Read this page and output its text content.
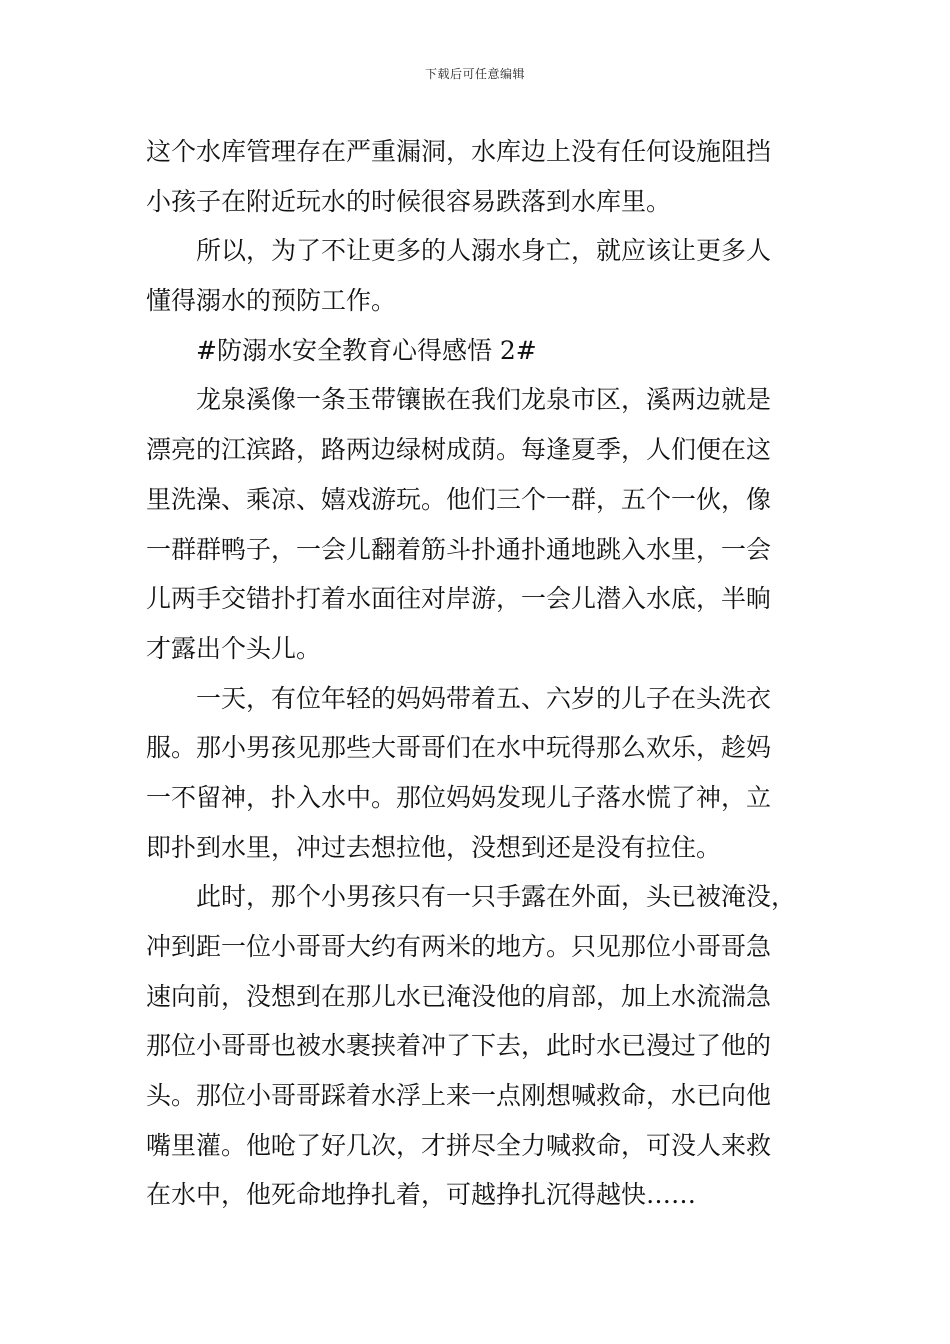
下载后可任意编辑
这个水库管理存在严重漏洞，水库边上没有任何设施阻挡
小孩子在附近玩水的时候很容易跌落到水库里。
所以，为了不让更多的人溺水身亡，就应该让更多人
懂得溺水的预防工作。
#防溺水安全教育心得感悟 2#
龙泉溪像一条玉带镶嵌在我们龙泉市区，溪两边就是
漂亮的江滨路，路两边绿树成荫。每逢夏季，人们便在这
里洗澡、乘凉、嬉戏游玩。他们三个一群，五个一伙，像
一群群鸭子，一会儿翻着筋斗扑通扑通地跳入水里，一会
儿两手交错扑打着水面往对岸游，一会儿潜入水底，半晌
才露出个头儿。
一天，有位年轻的妈妈带着五、六岁的儿子在头洗衣
服。那小男孩见那些大哥哥们在水中玩得那么欢乐，趁妈
一不留神，扑入水中。那位妈妈发现儿子落水慌了神，立
即扑到水里，冲过去想拉他，没想到还是没有拉住。
此时，那个小男孩只有一只手露在外面，头已被淹没，
冲到距一位小哥哥大约有两米的地方。只见那位小哥哥急
速向前，没想到在那儿水已淹没他的肩部，加上水流湍急
那位小哥哥也被水裹挟着冲了下去，此时水已漫过了他的
头。那位小哥哥踩着水浮上来一点刚想喊救命，水已向他
嘴里灌。他呛了好几次，才拼尽全力喊救命，可没人来救
在水中，他死命地挣扎着，可越挣扎沉得越快……
